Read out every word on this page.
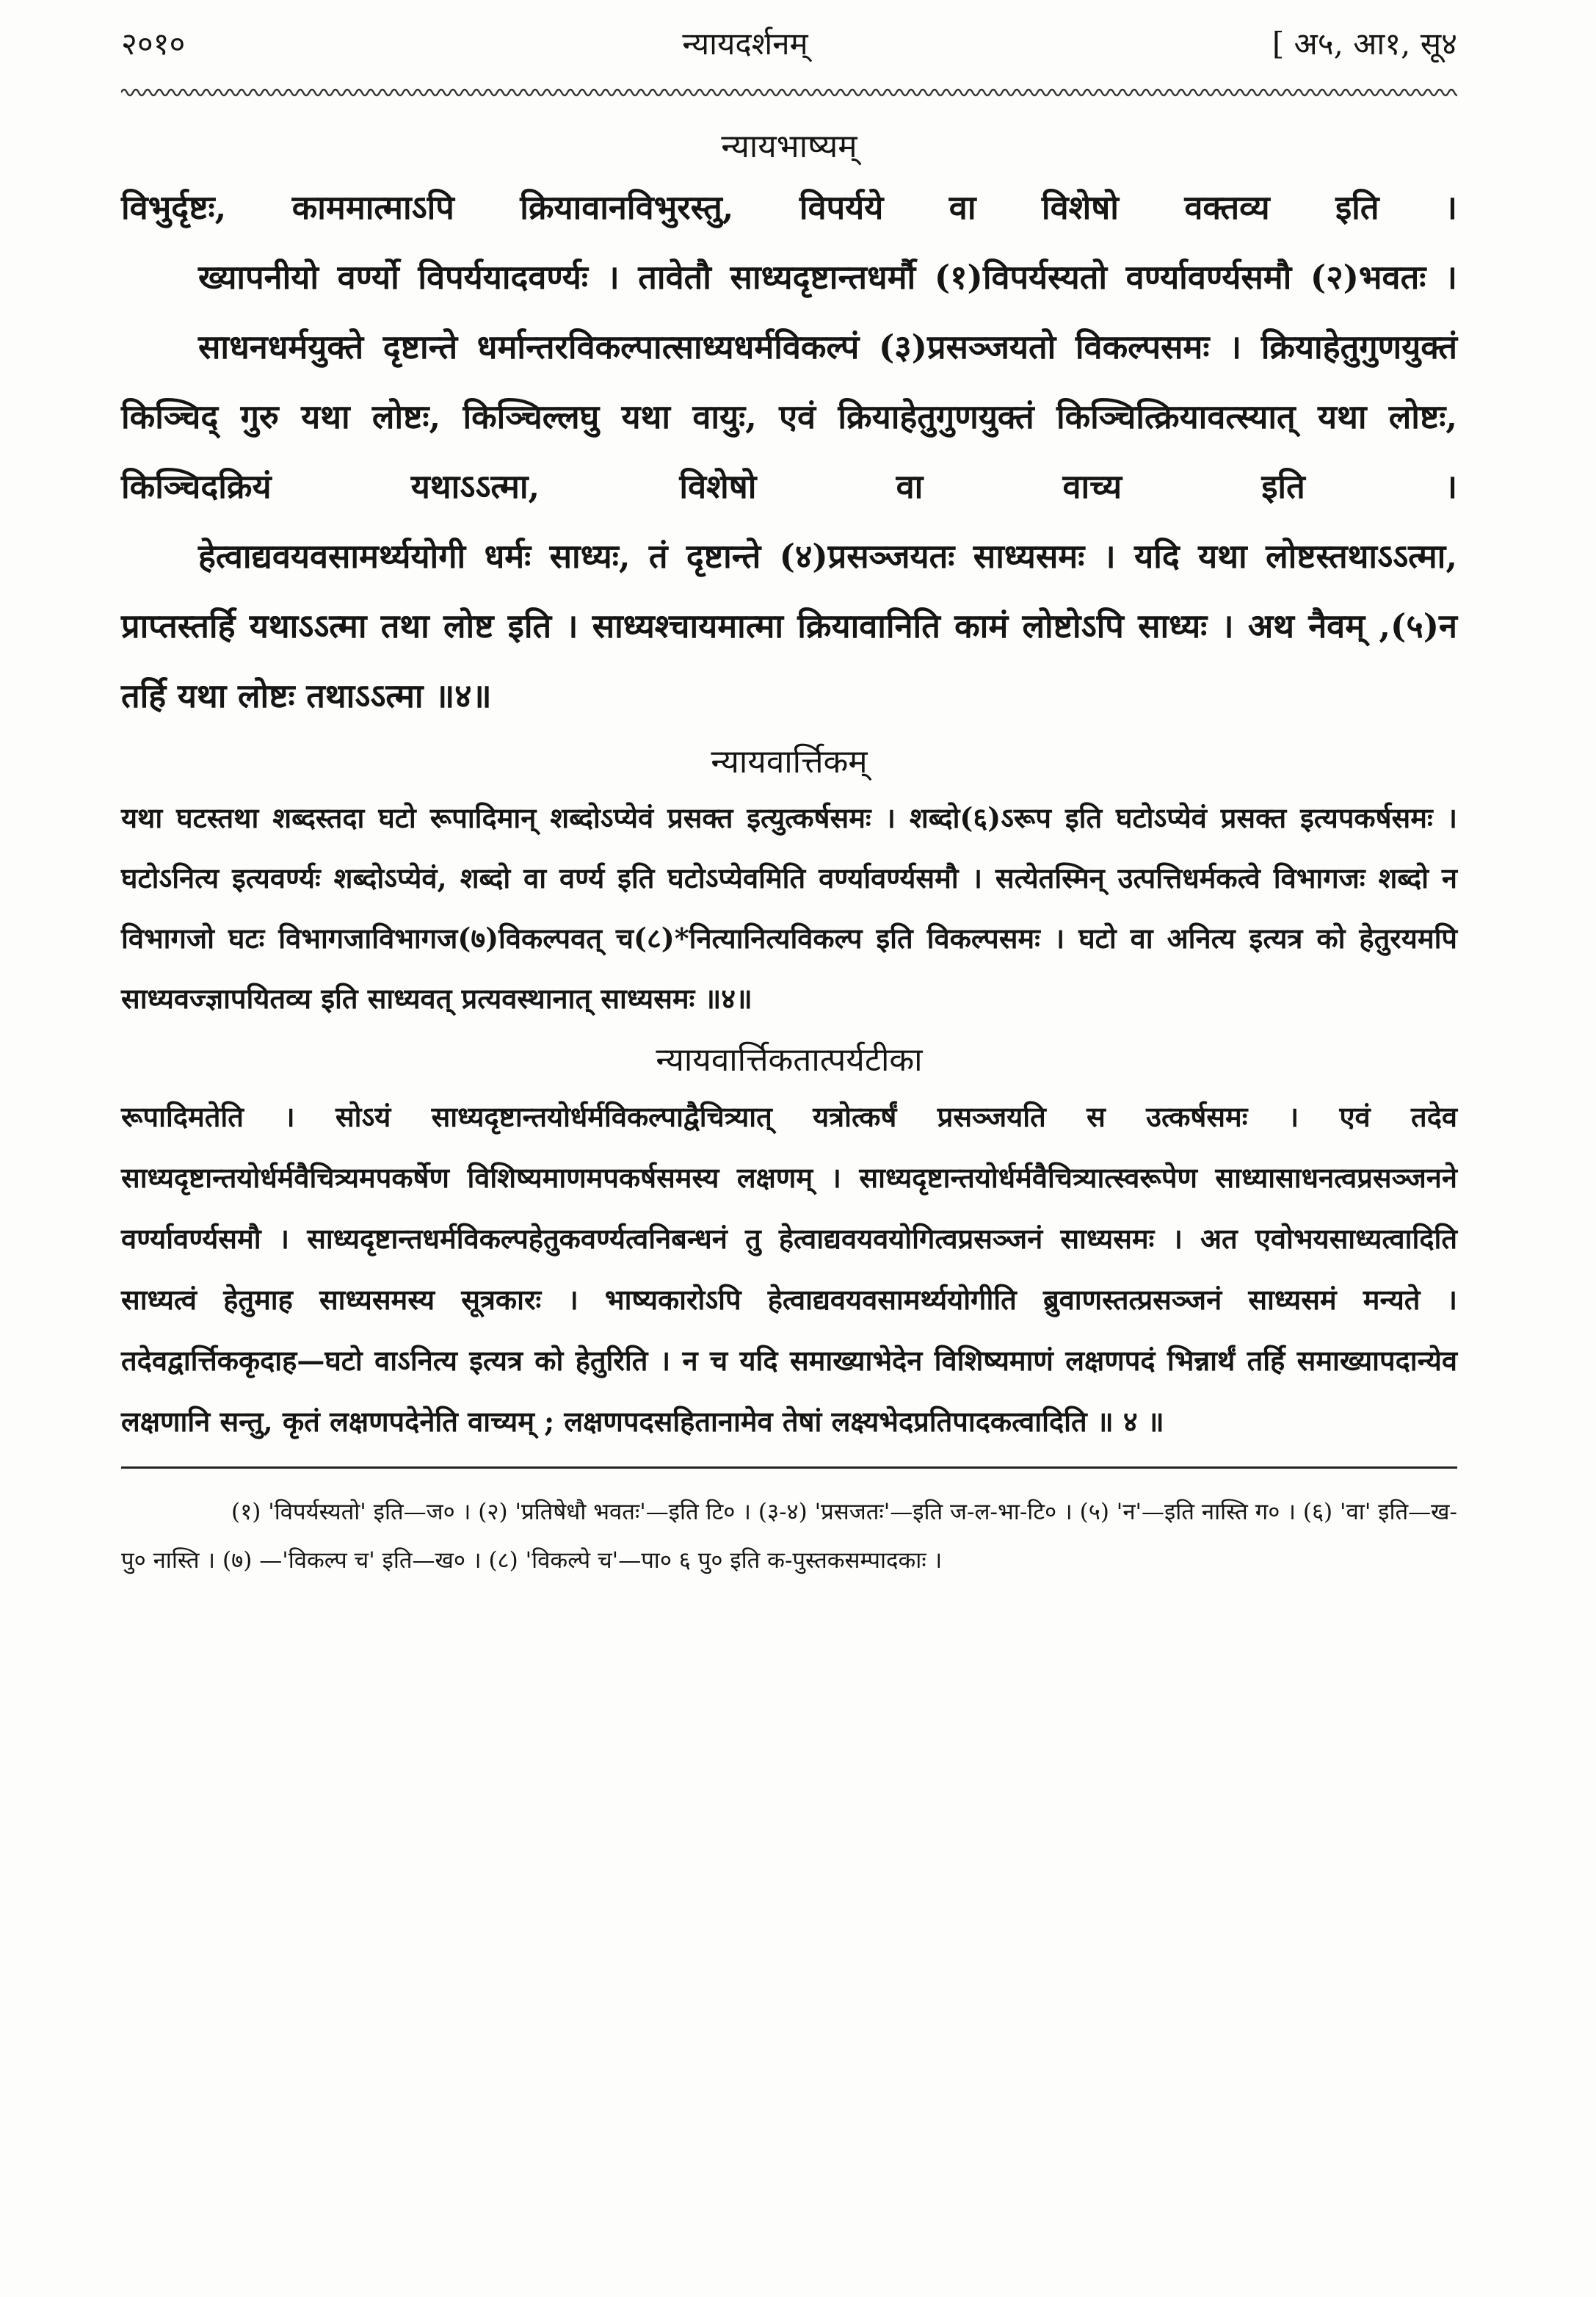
२०१०	न्यायदर्शनम्	[ अ५, आ१, सू४
न्यायभाष्यम्

विभुर्दृष्टः, काममात्माऽपि क्रियावानविभुरस्तु, विपर्यये वा विशेषो वक्तव्य इति ।

ख्यापनीयो वर्ण्यो विपर्ययादवर्ण्यः । तावेतौ साध्यदृष्टान्तधर्मौ (१)विपर्यस्यतो वर्ण्यावर्ण्यसमौ (२)भवतः ।

साधनधर्मयुक्ते दृष्टान्ते धर्मान्तरविकल्पात्साध्यधर्मविकल्पं (३)प्रसञ्जयतो विकल्पसमः । क्रियाहेतुगुणयुक्तं किञ्चिद् गुरु यथा लोष्टः, किञ्चिल्लघु यथा वायुः, एवं क्रियाहेतुगुणयुक्तं किञ्चित्क्रियावत्स्यात् यथा लोष्टः, किञ्चिदक्रियं यथाऽऽत्मा, विशेषो वा वाच्य इति ।

हेत्वाद्यवयवसामर्थ्ययोगी धर्मः साध्यः, तं दृष्टान्ते (४)प्रसञ्जयतः साध्यसमः । यदि यथा लोष्टस्तथाऽऽत्मा, प्राप्तस्तर्हि यथाऽऽत्मा तथा लोष्ट इति । साध्यश्चायमात्मा क्रियावानिति कामं लोष्टोऽपि साध्यः । अथ नैवम् ,(५)न तर्हि यथा लोष्टः तथाऽऽत्मा ॥४॥

न्यायवार्त्तिकम्

यथा घटस्तथा शब्दस्तदा घटो रूपादिमान् शब्दोऽप्येवं प्रसक्त इत्युत्कर्षसमः । शब्दो(६)ऽरूप इति घटोऽप्येवं प्रसक्त इत्यपकर्षसमः । घटोऽनित्य इत्यवर्ण्यः शब्दोऽप्येवं, शब्दो वा वर्ण्य इति घटोऽप्येवमिति वर्ण्यावर्ण्यसमौ । सत्येतस्मिन् उत्पत्तिधर्मकत्वे विभागजः शब्दो न विभागजो घटः विभागजाविभागज(७)विकल्पवत् च(८)*नित्यानित्यविकल्प इति विकल्पसमः । घटो वा अनित्य इत्यत्र को हेतुरयमपि साध्यवज्ज्ञापयितव्य इति साध्यवत् प्रत्यवस्थानात् साध्यसमः ॥४॥

न्यायवार्त्तिकतात्पर्यटीका

रूपादिमतेति । सोऽयं साध्यदृष्टान्तयोर्धर्मविकल्पाद्वैचित्र्यात् यत्रोत्कर्षं प्रसञ्जयति स उत्कर्षसमः । एवं तदेव साध्यदृष्टान्तयोर्धर्मवैचित्र्यमपकर्षेण विशिष्यमाणमपकर्षसमस्य लक्षणम् । साध्यदृष्टान्तयोर्धर्मवैचित्र्यात्स्वरूपेण साध्यासाधनत्वप्रसञ्जनने वर्ण्यावर्ण्यसमौ । साध्यदृष्टान्तधर्मविकल्पहेतुकवर्ण्यत्वनिबन्धनं तु हेत्वाद्यवयवयोगित्वप्रसञ्जनं साध्यसमः । अत एवोभयसाध्यत्वादिति साध्यत्वं हेतुमाह साध्यसमस्य सूत्रकारः । भाष्यकारोऽपि हेत्वाद्यवयवसामर्थ्ययोगीति ब्रुवाणस्तत्प्रसञ्जनं साध्यसमं मन्यते । तदेवद्वार्त्तिककृदाह—घटो वाऽनित्य इत्यत्र को हेतुरिति । न च यदि समाख्याभेदेन विशिष्यमाणं लक्षणपदं भिन्नार्थं तर्हि समाख्यापदान्येव लक्षणानि सन्तु, कृतं लक्षणपदेनेति वाच्यम् ; लक्षणपदसहितानामेव तेषां लक्ष्यभेदप्रतिपादकत्वादिति ॥ ४ ॥

(१) 'विपर्यस्यतो' इति—ज० । (२) 'प्रतिषेधौ भवतः'—इति टि० । (३-४) 'प्रसजतः'—इति ज-ल-भा-टि० । (५) 'न'—इति नास्ति ग० । (६) 'वा' इति—ख-पु० नास्ति । (७) —'विकल्प च' इति—ख० । (८) 'विकल्पे च'—पा० ६ पु० इति क-पुस्तकसम्पादकाः ।
